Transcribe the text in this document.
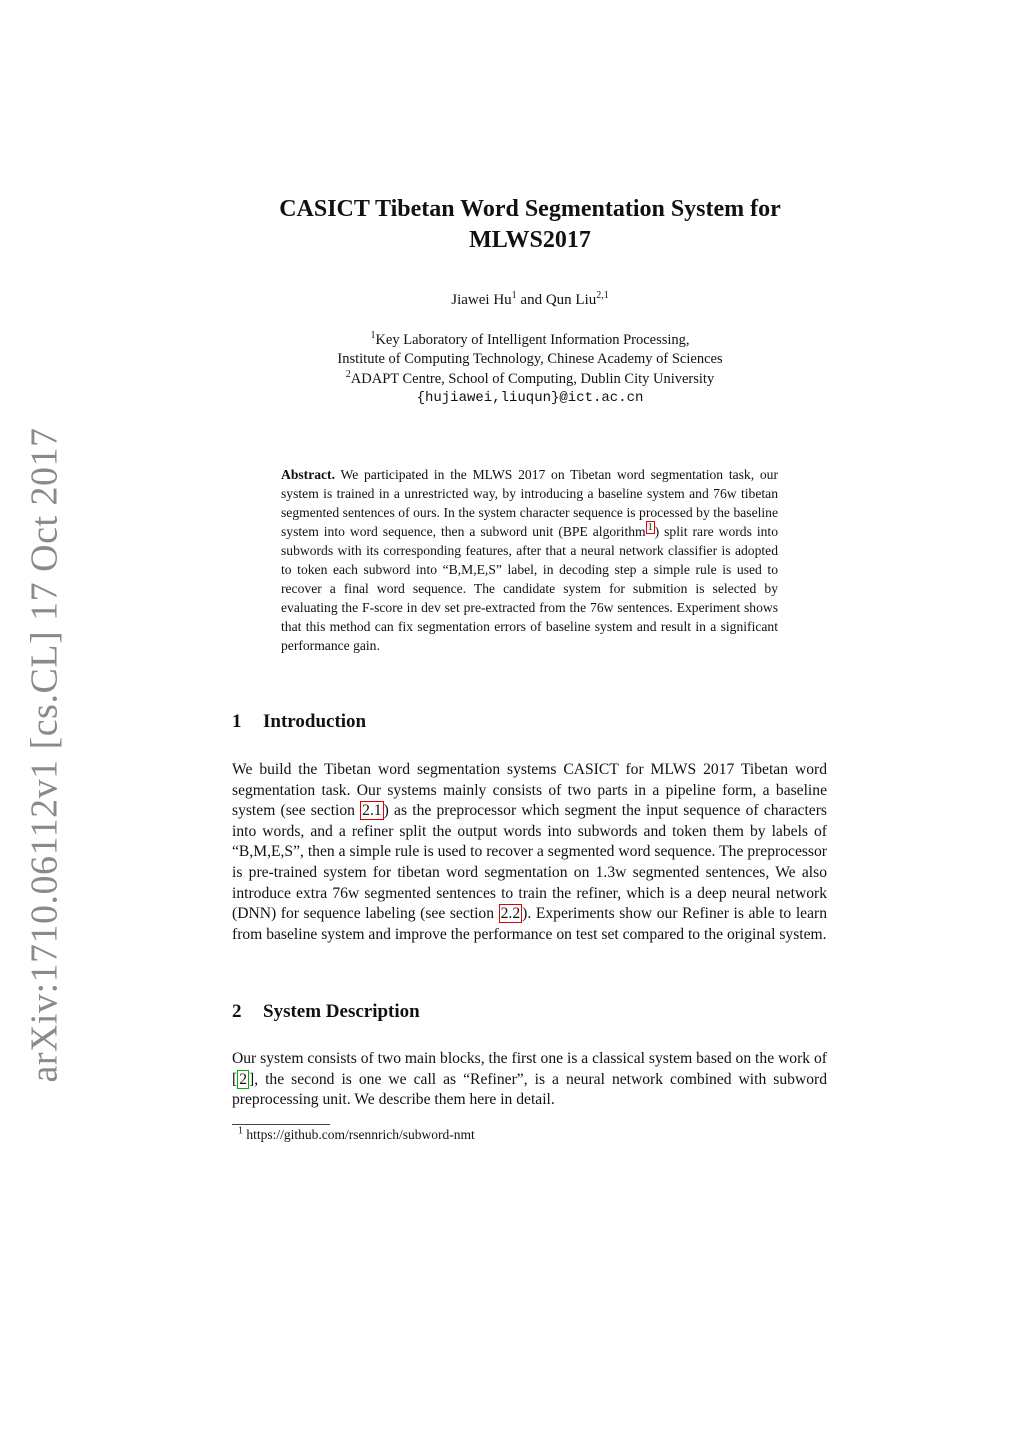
arXiv:1710.06112v1 [cs.CL] 17 Oct 2017
CASICT Tibetan Word Segmentation System for
MLWS2017
Jiawei Hu$^1$ and Qun Liu$^{2,1}$
$^1$Key Laboratory of Intelligent Information Processing,
Institute of Computing Technology, Chinese Academy of Sciences
$^2$ADAPT Centre, School of Computing, Dublin City University
{hujiawei,liuqun}@ict.ac.cn
Abstract. We participated in the MLWS 2017 on Tibetan word segmentation task, our system is trained in a unrestricted way, by introducing a baseline system and 76w tibetan segmented sentences of ours. In the system character sequence is processed by the baseline system into word sequence, then a subword unit (BPE algorithm $^1$ ) split rare words into subwords with its corresponding features, after that a neural network classifier is adopted to token each subword into “B,M,E,S” label, in decoding step a simple rule is used to recover a final word sequence. The candidate system for submition is selected by evaluating the F-score in dev set pre-extracted from the 76w sentences. Experiment shows that this method can fix segmentation errors of baseline system and result in a significant performance gain.
1 Introduction
We build the Tibetan word segmentation systems CASICT for MLWS 2017 Tibetan word segmentation task. Our systems mainly consists of two parts in a pipeline form, a baseline system (see section 2.1 ) as the preprocessor which segment the input sequence of characters into words, and a refiner split the output words into subwords and token them by labels of “B,M,E,S”, then a simple rule is used to recover a segmented word sequence. The preprocessor is pre-trained system for tibetan word segmentation on 1.3w segmented sentences, We also introduce extra 76w segmented sentences to train the refiner, which is a deep neural network (DNN) for sequence labeling (see section 2.2 ). Experiments show our Refiner is able to learn from baseline system and improve the performance on test set compared to the original system.
2 System Description
Our system consists of two main blocks, the first one is a classical system based on the work of [ 2 ], the second is one we call as “Refiner”, is a neural network combined with subword preprocessing unit. We describe them here in detail.
$^1$ https://github.com/rsennrich/subword-nmt
